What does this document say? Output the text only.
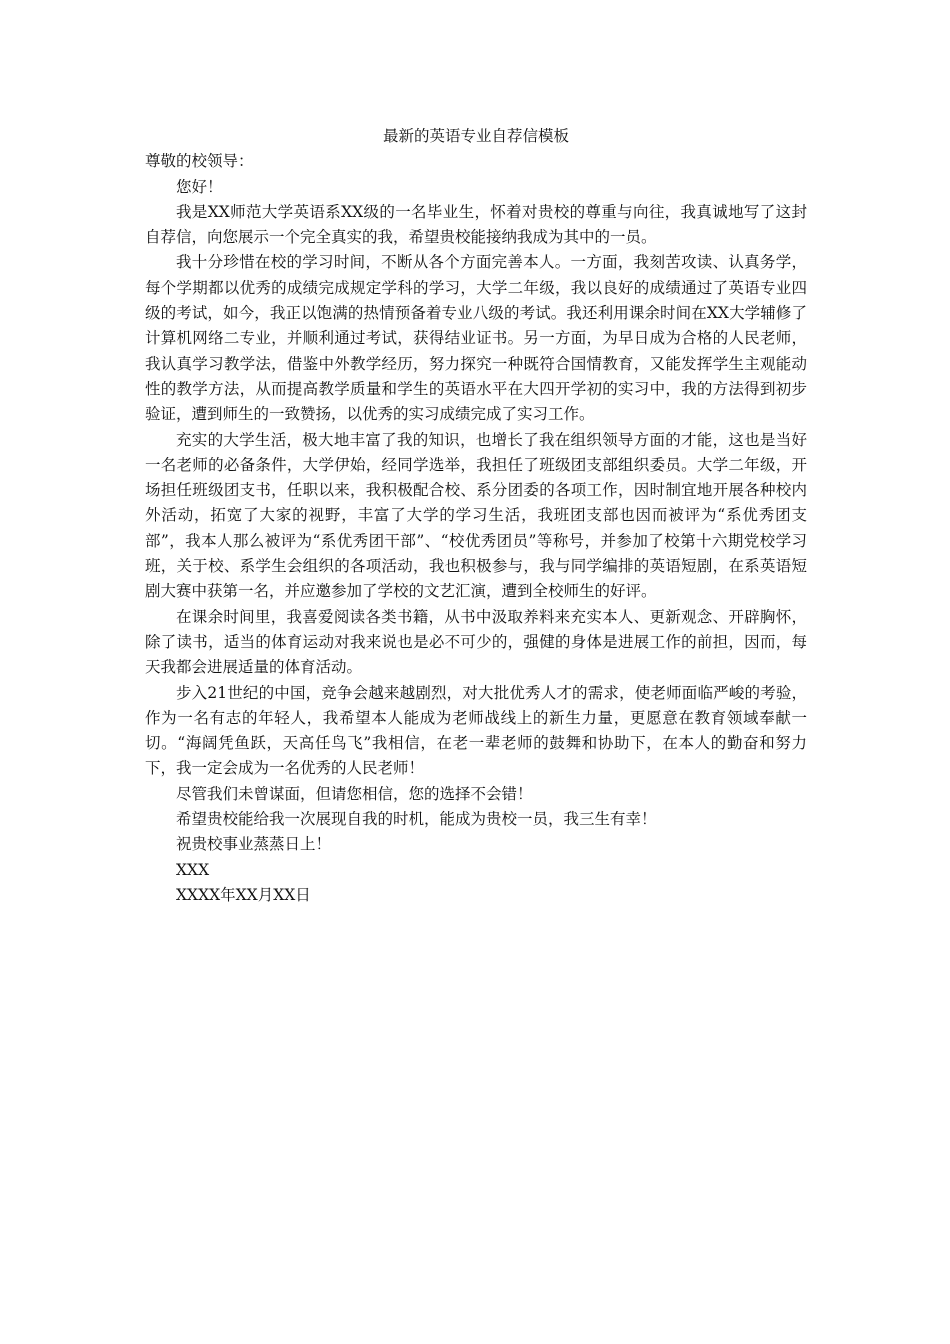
最新的英语专业自荐信模板

尊敬的校领导：

您好！

我是XX师范大学英语系XX级的一名毕业生，怀着对贵校的尊重与向往，我真诚地写了这封自荐信，向您展示一个完全真实的我，希望贵校能接纳我成为其中的一员。

我十分珍惜在校的学习时间，不断从各个方面完善本人。一方面，我刻苦攻读、认真务学，每个学期都以优秀的成绩完成规定学科的学习，大学二年级，我以良好的成绩通过了英语专业四级的考试，如今，我正以饱满的热情预备着专业八级的考试。我还利用课余时间在XX大学辅修了计算机网络二专业，并顺利通过考试，获得结业证书。另一方面，为早日成为合格的人民老师，我认真学习教学法，借鉴中外教学经历，努力探究一种既符合国情教育，又能发挥学生主观能动性的教学方法，从而提高教学质量和学生的英语水平在大四开学初的实习中，我的方法得到初步验证，遭到师生的一致赞扬，以优秀的实习成绩完成了实习工作。

充实的大学生活，极大地丰富了我的知识，也增长了我在组织领导方面的才能，这也是当好一名老师的必备条件，大学伊始，经同学选举，我担任了班级团支部组织委员。大学二年级，开场担任班级团支书，任职以来，我积极配合校、系分团委的各项工作，因时制宜地开展各种校内外活动，拓宽了大家的视野，丰富了大学的学习生活，我班团支部也因而被评为“系优秀团支部”，我本人那么被评为“系优秀团干部”、“校优秀团员”等称号，并参加了校第十六期党校学习班，关于校、系学生会组织的各项活动，我也积极参与，我与同学编排的英语短剧，在系英语短剧大赛中获第一名，并应邀参加了学校的文艺汇演，遭到全校师生的好评。

在课余时间里，我喜爱阅读各类书籍，从书中汲取养料来充实本人、更新观念、开辟胸怀，除了读书，适当的体育运动对我来说也是必不可少的，强健的身体是进展工作的前担，因而，每天我都会进展适量的体育活动。

步入21世纪的中国，竞争会越来越剧烈，对大批优秀人才的需求，使老师面临严峻的考验，作为一名有志的年轻人，我希望本人能成为老师战线上的新生力量，更愿意在教育领域奉献一切。“海阔凭鱼跃，天高任鸟飞”我相信，在老一辈老师的鼓舞和协助下，在本人的勤奋和努力下，我一定会成为一名优秀的人民老师！

尽管我们未曾谋面，但请您相信，您的选择不会错！

希望贵校能给我一次展现自我的时机，能成为贵校一员，我三生有幸！

祝贵校事业蒸蒸日上！

XXX

XXXX年XX月XX日
